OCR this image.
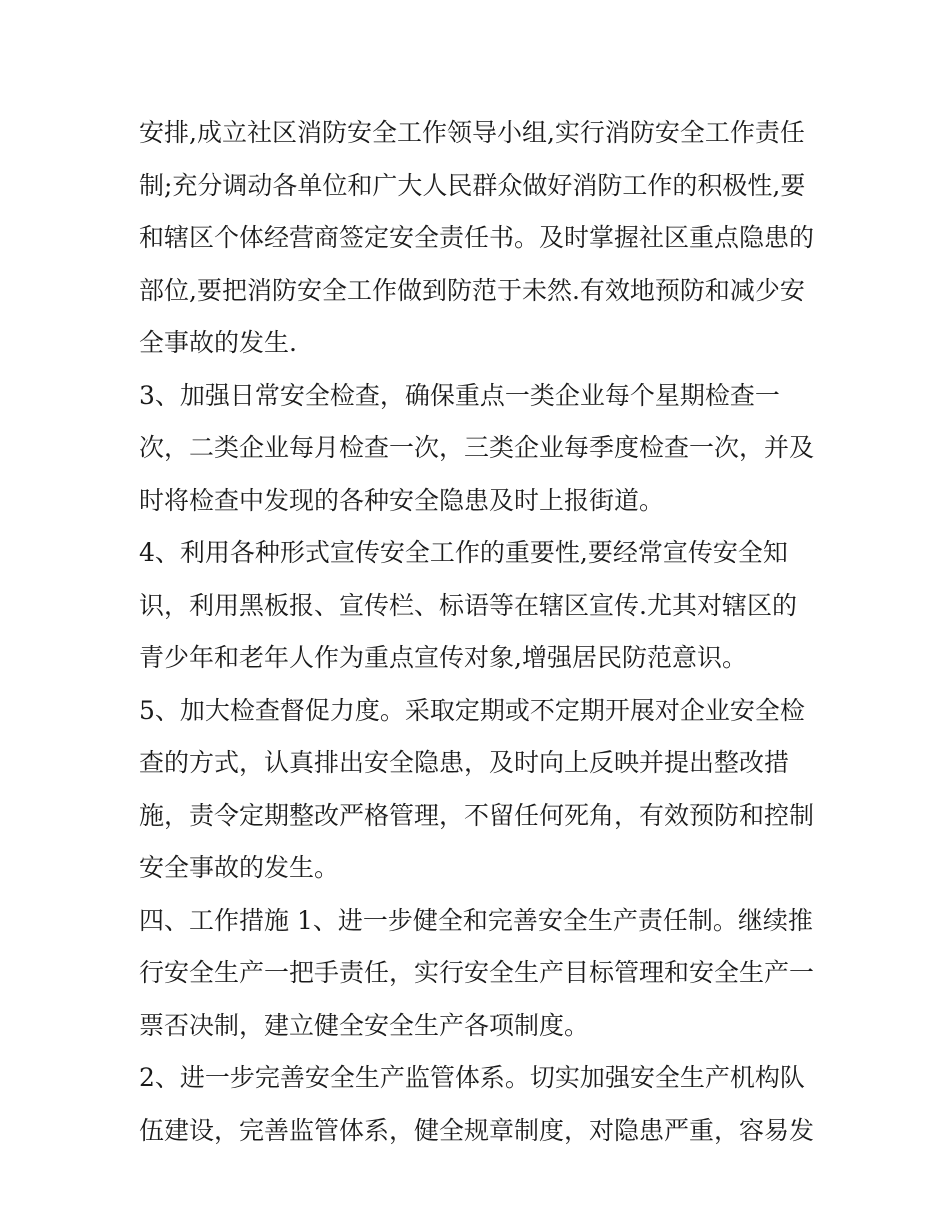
安排,成立社区消防安全工作领导小组,实行消防安全工作责任
制;充分调动各单位和广大人民群众做好消防工作的积极性,要
和辖区个体经营商签定安全责任书。及时掌握社区重点隐患的
部位,要把消防安全工作做到防范于未然.有效地预防和减少安
全事故的发生.
3、加强日常安全检查，确保重点一类企业每个星期检查一
次，二类企业每月检查一次，三类企业每季度检查一次，并及
时将检查中发现的各种安全隐患及时上报街道。
4、利用各种形式宣传安全工作的重要性,要经常宣传安全知
识，利用黑板报、宣传栏、标语等在辖区宣传.尤其对辖区的
青少年和老年人作为重点宣传对象,增强居民防范意识。
5、加大检查督促力度。采取定期或不定期开展对企业安全检
查的方式，认真排出安全隐患，及时向上反映并提出整改措
施，责令定期整改严格管理，不留任何死角，有效预防和控制
安全事故的发生。
四、工作措施 1、进一步健全和完善安全生产责任制。继续推
行安全生产一把手责任，实行安全生产目标管理和安全生产一
票否决制，建立健全安全生产各项制度。
2、进一步完善安全生产监管体系。切实加强安全生产机构队
伍建设，完善监管体系，健全规章制度，对隐患严重，容易发
